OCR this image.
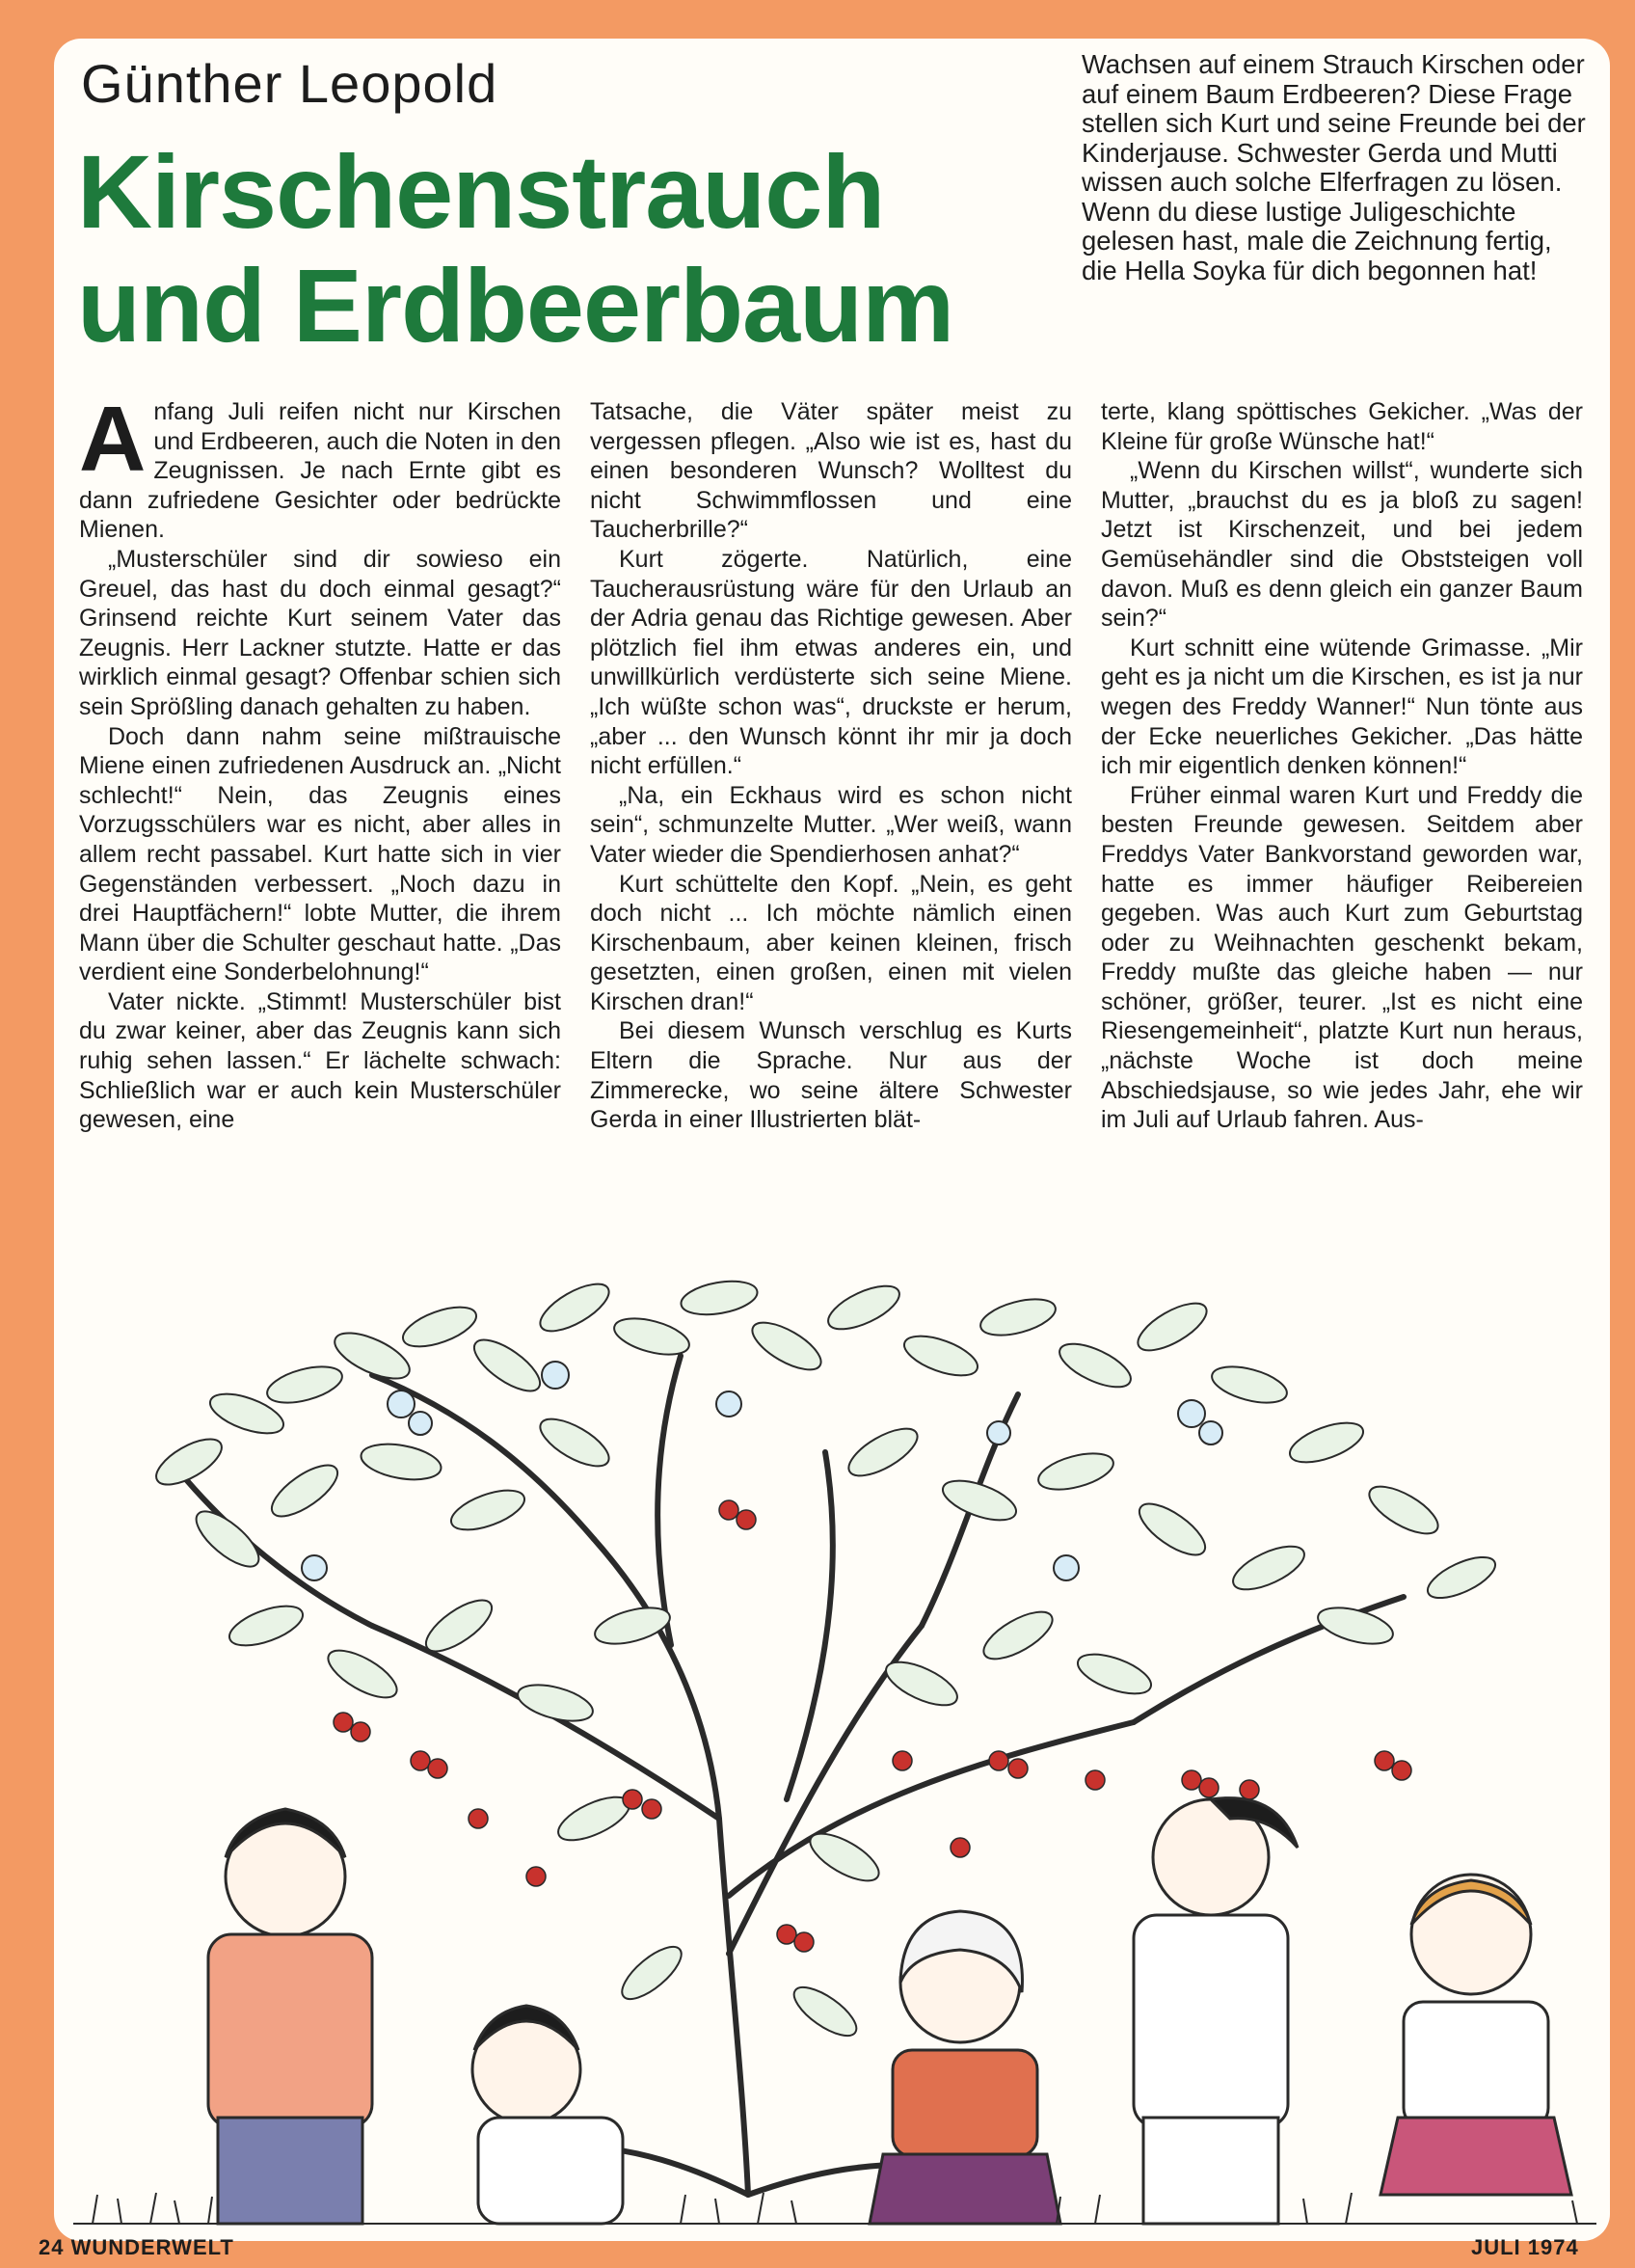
Günther Leopold
Kirschenstrauch
und Erdbeerbaum
Wachsen auf einem Strauch Kirschen oder auf einem Baum Erdbeeren? Diese Frage stellen sich Kurt und seine Freunde bei der Kinderjause. Schwester Gerda und Mutti wissen auch solche Elferfragen zu lösen. Wenn du diese lustige Juligeschichte gelesen hast, male die Zeichnung fertig, die Hella Soyka für dich begonnen hat!

Anfang Juli reifen nicht nur Kirschen und Erdbeeren, auch die Noten in den Zeugnissen. Je nach Ernte gibt es dann zufriedene Gesichter oder bedrückte Mienen.

„Musterschüler sind dir sowieso ein Greuel, das hast du doch einmal gesagt?“ Grinsend reichte Kurt seinem Vater das Zeugnis. Herr Lackner stutzte. Hatte er das wirklich einmal gesagt? Offenbar schien sich sein Sprößling danach gehalten zu haben.

Doch dann nahm seine mißtrauische Miene einen zufriedenen Ausdruck an. „Nicht schlecht!“ Nein, das Zeugnis eines Vorzugsschülers war es nicht, aber alles in allem recht passabel. Kurt hatte sich in vier Gegenständen verbessert. „Noch dazu in drei Hauptfächern!“ lobte Mutter, die ihrem Mann über die Schulter geschaut hatte. „Das verdient eine Sonderbelohnung!“

Vater nickte. „Stimmt! Musterschüler bist du zwar keiner, aber das Zeugnis kann sich ruhig sehen lassen.“ Er lächelte schwach: Schließlich war er auch kein Musterschüler gewesen, eine

Tatsache, die Väter später meist zu vergessen pflegen. „Also wie ist es, hast du einen besonderen Wunsch? Wolltest du nicht Schwimmflossen und eine Taucherbrille?“

Kurt zögerte. Natürlich, eine Taucherausrüstung wäre für den Urlaub an der Adria genau das Richtige gewesen. Aber plötzlich fiel ihm etwas anderes ein, und unwillkürlich verdüsterte sich seine Miene. „Ich wüßte schon was“, druckste er herum, „aber ... den Wunsch könnt ihr mir ja doch nicht erfüllen.“

„Na, ein Eckhaus wird es schon nicht sein“, schmunzelte Mutter. „Wer weiß, wann Vater wieder die Spendierhosen anhat?“

Kurt schüttelte den Kopf. „Nein, es geht doch nicht ... Ich möchte nämlich einen Kirschenbaum, aber keinen kleinen, frisch gesetzten, einen großen, einen mit vielen Kirschen dran!“

Bei diesem Wunsch verschlug es Kurts Eltern die Sprache. Nur aus der Zimmerecke, wo seine ältere Schwester Gerda in einer Illustrierten blät-

terte, klang spöttisches Gekicher. „Was der Kleine für große Wünsche hat!“

„Wenn du Kirschen willst“, wunderte sich Mutter, „brauchst du es ja bloß zu sagen! Jetzt ist Kirschenzeit, und bei jedem Gemüsehändler sind die Obststeigen voll davon. Muß es denn gleich ein ganzer Baum sein?“

Kurt schnitt eine wütende Grimasse. „Mir geht es ja nicht um die Kirschen, es ist ja nur wegen des Freddy Wanner!“ Nun tönte aus der Ecke neuerliches Gekicher. „Das hätte ich mir eigentlich denken können!“

Früher einmal waren Kurt und Freddy die besten Freunde gewesen. Seitdem aber Freddys Vater Bankvorstand geworden war, hatte es immer häufiger Reibereien gegeben. Was auch Kurt zum Geburtstag oder zu Weihnachten geschenkt bekam, Freddy mußte das gleiche haben — nur schöner, größer, teurer. „Ist es nicht eine Riesengemeinheit“, platzte Kurt nun heraus, „nächste Woche ist doch meine Abschiedsjause, so wie jedes Jahr, ehe wir im Juli auf Urlaub fahren. Aus-

24 WUNDERWELT	JULI 1974
